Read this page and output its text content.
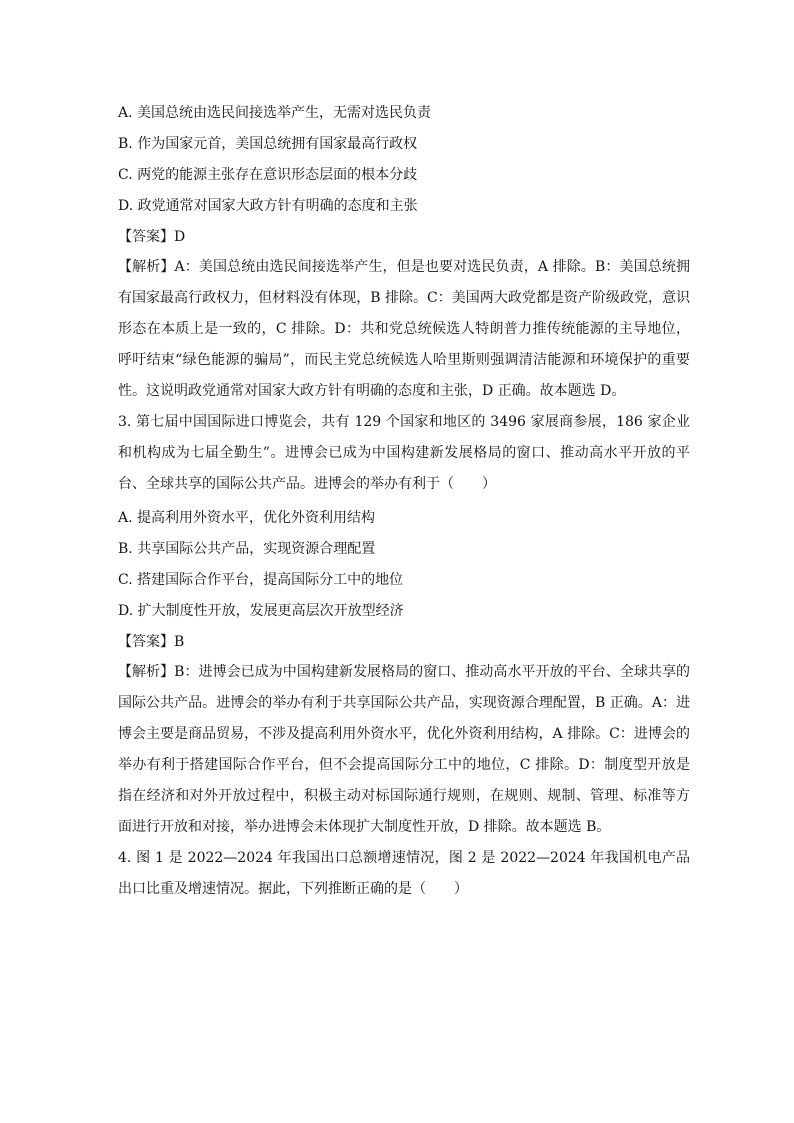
A. 美国总统由选民间接选举产生，无需对选民负责
B. 作为国家元首，美国总统拥有国家最高行政权
C. 两党的能源主张存在意识形态层面的根本分歧
D. 政党通常对国家大政方针有明确的态度和主张
【答案】D
【解析】A：美国总统由选民间接选举产生，但是也要对选民负责，A 排除。B：美国总统拥有国家最高行政权力，但材料没有体现，B 排除。C：美国两大政党都是资产阶级政党，意识形态在本质上是一致的，C 排除。D：共和党总统候选人特朗普力推传统能源的主导地位，呼吁结束“绿色能源的骗局”，而民主党总统候选人哈里斯则强调清洁能源和环境保护的重要性。这说明政党通常对国家大政方针有明确的态度和主张，D 正确。故本题选 D。
3. 第七届中国国际进口博览会，共有 129 个国家和地区的 3496 家展商参展，186 家企业和机构成为七届全勤生”。进博会已成为中国构建新发展格局的窗口、推动高水平开放的平台、全球共享的国际公共产品。进博会的举办有利于（　　）
A. 提高利用外资水平，优化外资利用结构
B. 共享国际公共产品，实现资源合理配置
C. 搭建国际合作平台，提高国际分工中的地位
D. 扩大制度性开放，发展更高层次开放型经济
【答案】B
【解析】B：进博会已成为中国构建新发展格局的窗口、推动高水平开放的平台、全球共享的国际公共产品。进博会的举办有利于共享国际公共产品，实现资源合理配置，B 正确。A：进博会主要是商品贸易，不涉及提高利用外资水平，优化外资利用结构，A 排除。C：进博会的举办有利于搭建国际合作平台，但不会提高国际分工中的地位，C 排除。D：制度型开放是指在经济和对外开放过程中，积极主动对标国际通行规则，在规则、规制、管理、标准等方面进行开放和对接，举办进博会未体现扩大制度性开放，D 排除。故本题选 B。
4. 图 1 是 2022—2024 年我国出口总额增速情况，图 2 是 2022—2024 年我国机电产品出口比重及增速情况。据此，下列推断正确的是（　　）
